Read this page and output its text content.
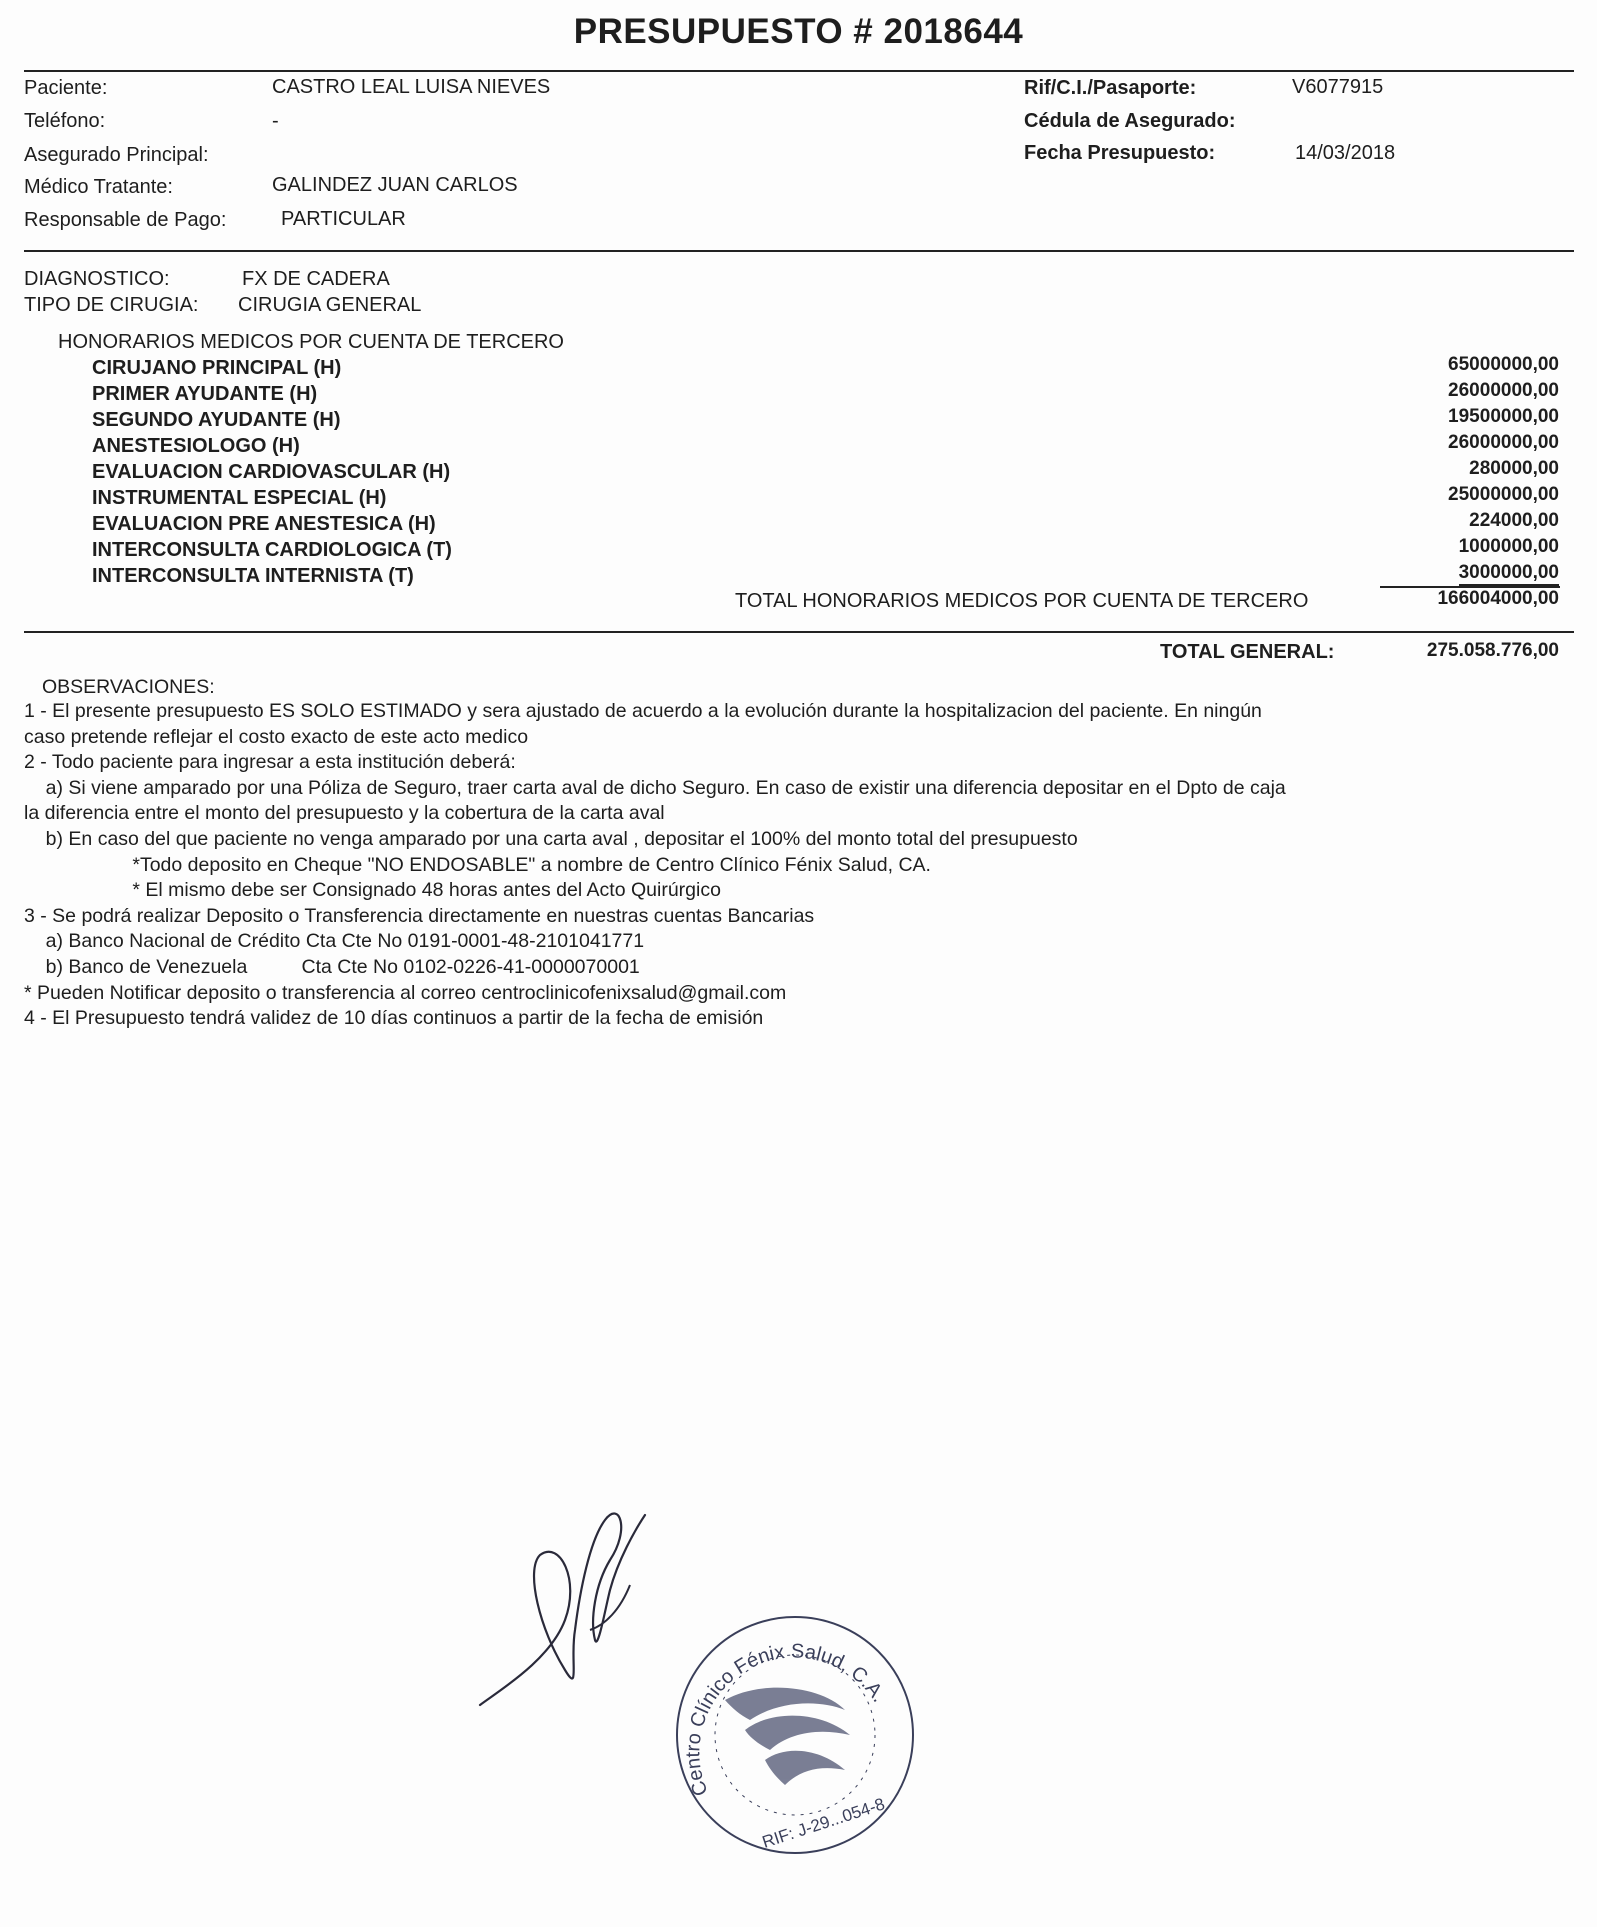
PRESUPUESTO # 2018644
Paciente:	CASTRO LEAL LUISA NIEVES
Teléfono:	-
Asegurado Principal:
Médico Tratante:	GALINDEZ JUAN CARLOS
Responsable de Pago:	PARTICULAR
Rif/C.I./Pasaporte:	V6077915
Cédula de Asegurado:
Fecha Presupuesto:	14/03/2018
DIAGNOSTICO:	FX DE CADERA
TIPO DE CIRUGIA: CIRUGIA GENERAL
HONORARIOS MEDICOS POR CUENTA DE TERCERO
CIRUJANO PRINCIPAL (H)	65000000,00
PRIMER AYUDANTE (H)	26000000,00
SEGUNDO AYUDANTE (H)	19500000,00
ANESTESIOLOGO (H)	26000000,00
EVALUACION CARDIOVASCULAR (H)	280000,00
INSTRUMENTAL ESPECIAL (H)	25000000,00
EVALUACION PRE ANESTESICA (H)	224000,00
INTERCONSULTA CARDIOLOGICA (T)	1000000,00
INTERCONSULTA INTERNISTA (T)	3000000,00
TOTAL HONORARIOS MEDICOS POR CUENTA DE TERCERO	166004000,00
TOTAL GENERAL:	275.058.776,00
OBSERVACIONES:
1 - El presente presupuesto ES SOLO ESTIMADO y sera ajustado de acuerdo a la evolución durante la hospitalizacion del paciente. En ningún
caso pretende reflejar el costo exacto de este acto medico
2 - Todo paciente para ingresar a esta institución deberá:
a) Si viene amparado por una Póliza de Seguro, traer carta aval de dicho Seguro. En caso de existir una diferencia depositar en el Dpto de caja
la diferencia entre el monto del presupuesto y la cobertura de la carta aval
b) En caso del que paciente no venga amparado por una carta aval , depositar el 100% del monto total del presupuesto
*Todo deposito en Cheque "NO ENDOSABLE" a nombre de Centro Clínico Fénix Salud, CA.
* El mismo debe ser Consignado 48 horas antes del Acto Quirúrgico
3 - Se podrá realizar Deposito o Transferencia directamente en nuestras cuentas Bancarias
a) Banco Nacional de Crédito Cta Cte No 0191-0001-48-2101041771
b) Banco de Venezuela          Cta Cte No 0102-0226-41-0000070001
* Pueden Notificar deposito o transferencia al correo centroclinicofenixsalud@gmail.com
4 - El Presupuesto tendrá validez de 10 días continuos a partir de la fecha de emisión
Centro Clínico Fénix Salud, C.A.
RIF: J-29...054-8
